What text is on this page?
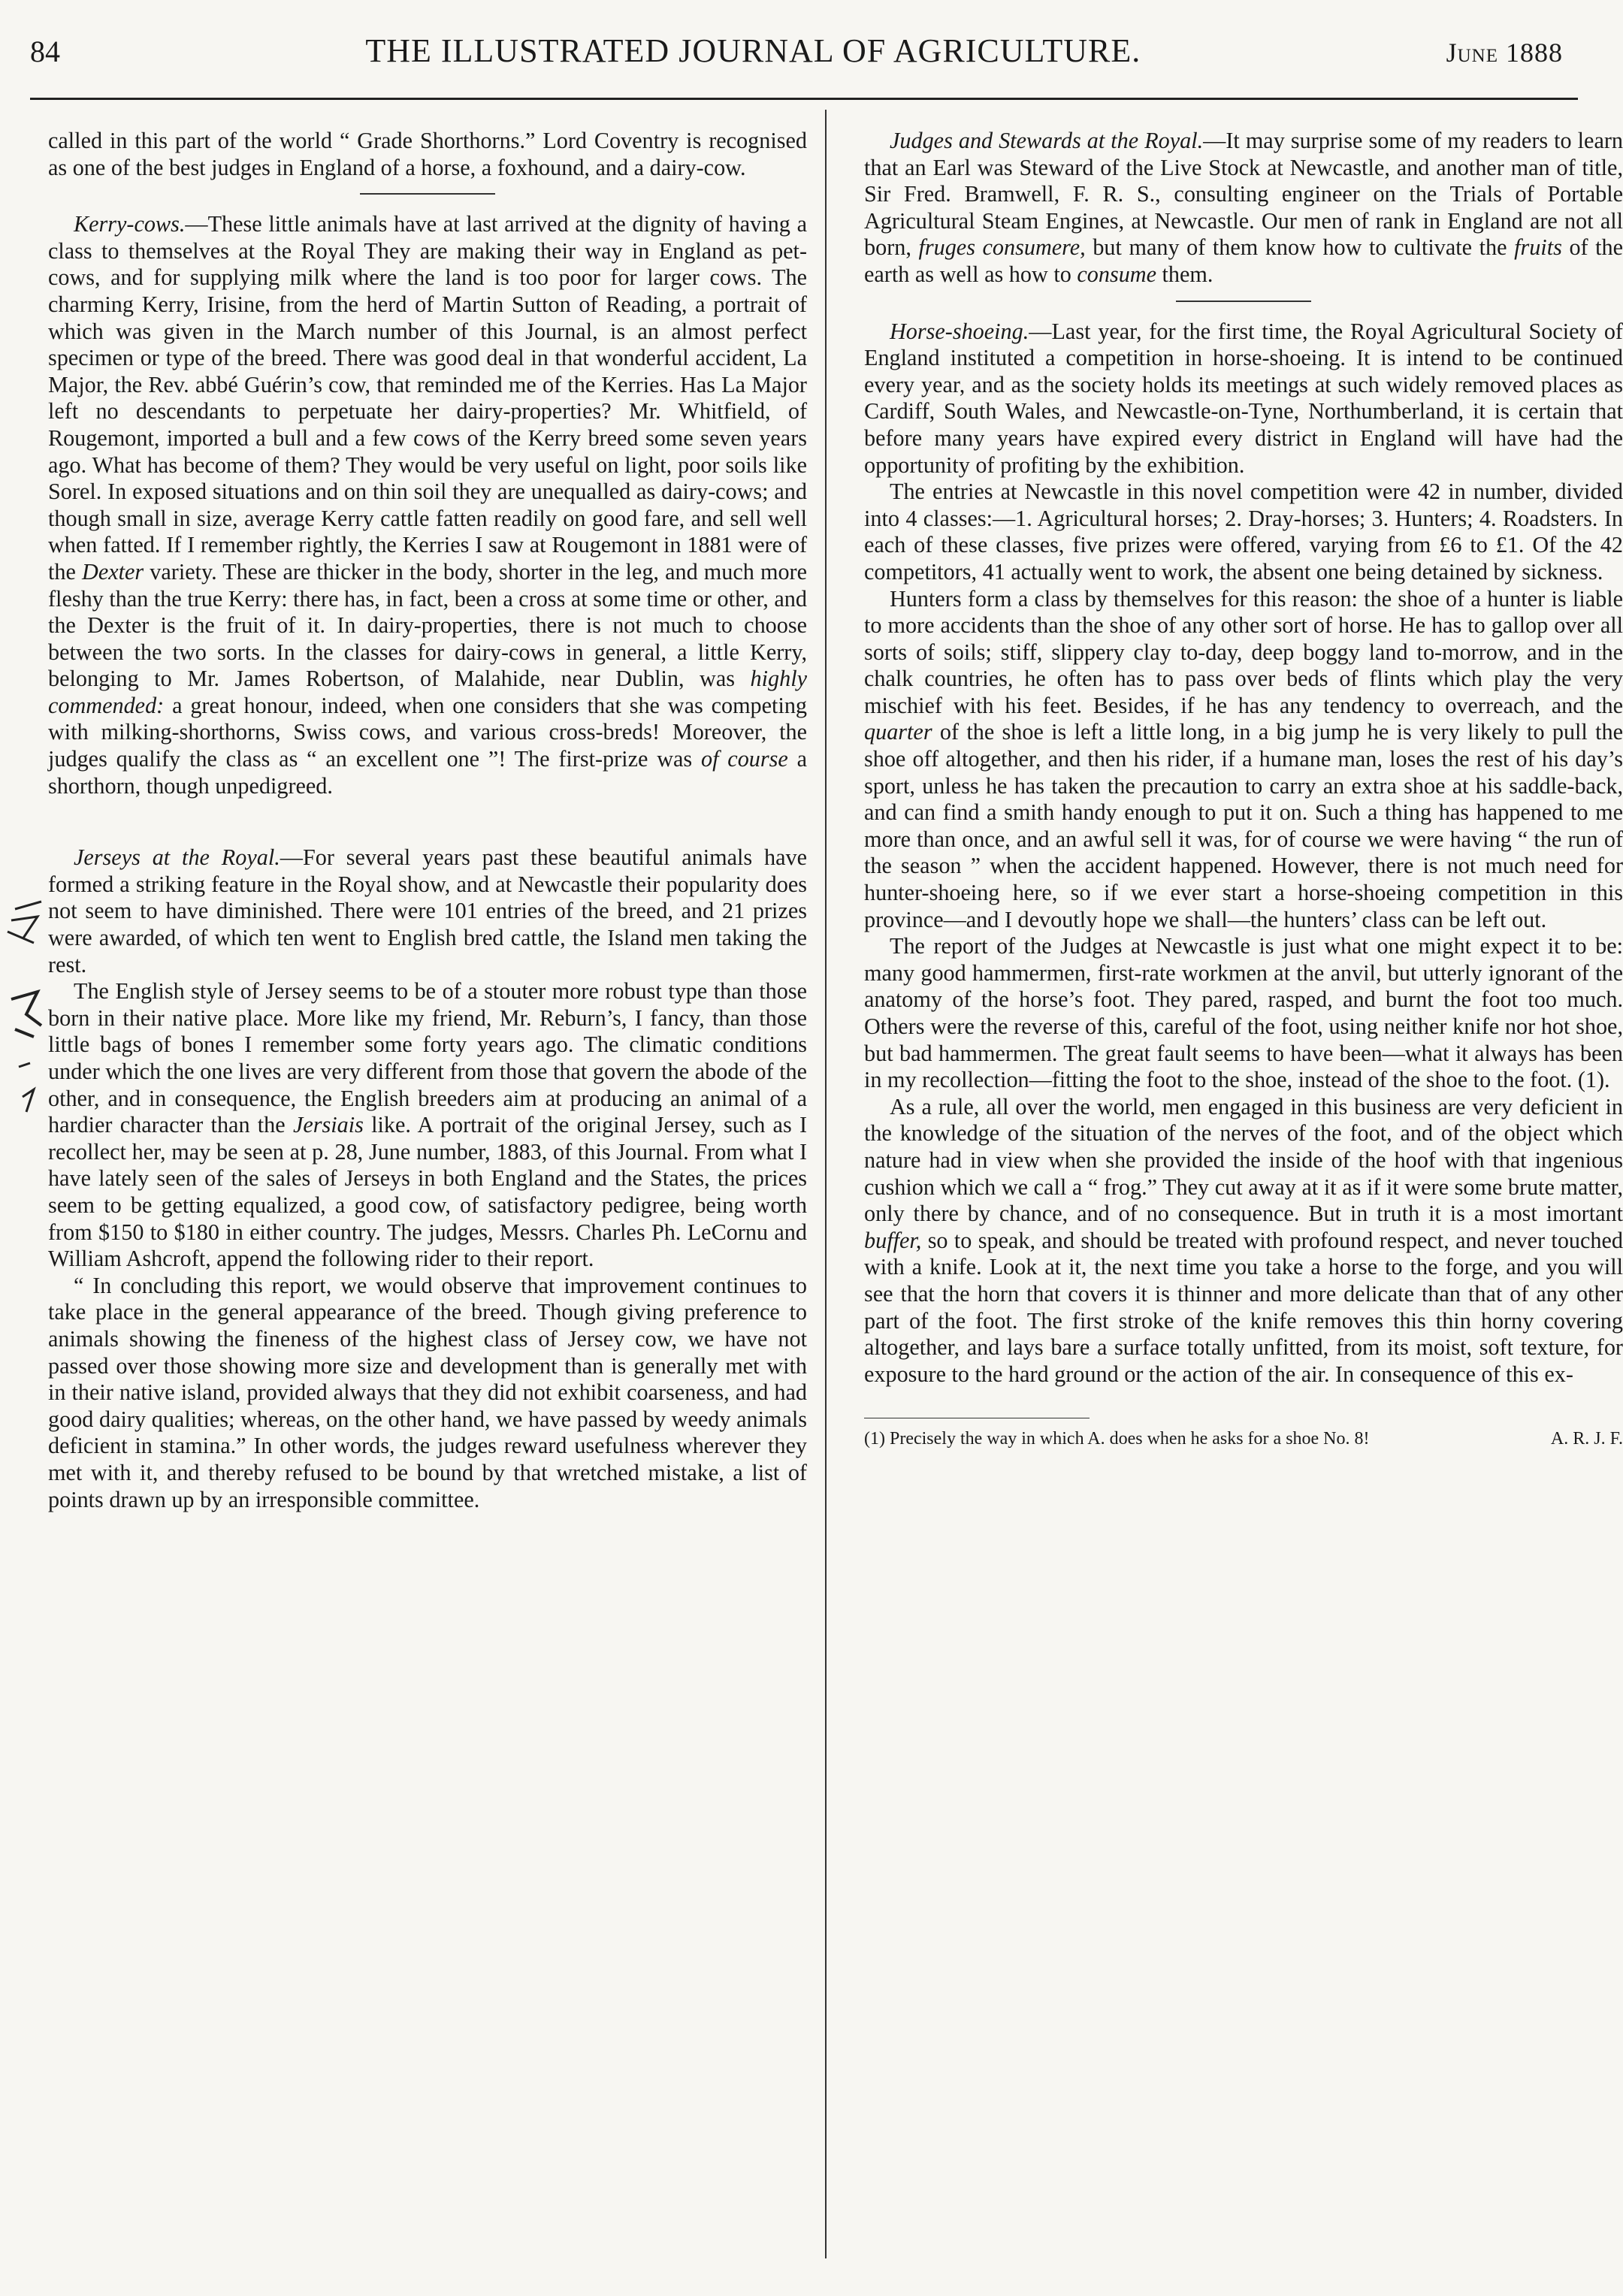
84	THE ILLUSTRATED JOURNAL OF AGRICULTURE.	June 1888

called in this part of the world “ Grade Shorthorns.” Lord Coventry is recognised as one of the best judges in England of a horse, a foxhound, and a dairy-cow.

Kerry-cows.—These little animals have at last arrived at the dignity of having a class to themselves at the Royal They are making their way in England as pet-cows, and for supplying milk where the land is too poor for larger cows. The charming Kerry, Irisine, from the herd of Martin Sutton of Reading, a portrait of which was given in the March number of this Journal, is an almost perfect specimen or type of the breed. There was good deal in that wonderful accident, La Major, the Rev. abbé Guérin’s cow, that reminded me of the Kerries. Has La Major left no descendants to perpetuate her dairy-properties? Mr. Whitfield, of Rougemont, imported a bull and a few cows of the Kerry breed some seven years ago. What has become of them? They would be very useful on light, poor soils like Sorel. In exposed situations and on thin soil they are unequalled as dairy-cows; and though small in size, average Kerry cattle fatten readily on good fare, and sell well when fatted. If I remember rightly, the Kerries I saw at Rougemont in 1881 were of the Dexter variety. These are thicker in the body, shorter in the leg, and much more fleshy than the true Kerry: there has, in fact, been a cross at some time or other, and the Dexter is the fruit of it. In dairy-properties, there is not much to choose between the two sorts. In the classes for dairy-cows in general, a little Kerry, belonging to Mr. James Robertson, of Malahide, near Dublin, was highly commended: a great honour, indeed, when one considers that she was competing with milking-shorthorns, Swiss cows, and various cross-breds! Moreover, the judges qualify the class as “ an excellent one ”! The first-prize was of course a shorthorn, though unpedigreed.

Jerseys at the Royal.—For several years past these beautiful animals have formed a striking feature in the Royal show, and at Newcastle their popularity does not seem to have diminished. There were 101 entries of the breed, and 21 prizes were awarded, of which ten went to English bred cattle, the Island men taking the rest.

The English style of Jersey seems to be of a stouter more robust type than those born in their native place. More like my friend, Mr. Reburn’s, I fancy, than those little bags of bones I remember some forty years ago. The climatic conditions under which the one lives are very different from those that govern the abode of the other, and in consequence, the English breeders aim at producing an animal of a hardier character than the Jersiais like. A portrait of the original Jersey, such as I recollect her, may be seen at p. 28, June number, 1883, of this Journal. From what I have lately seen of the sales of Jerseys in both England and the States, the prices seem to be getting equalized, a good cow, of satisfactory pedigree, being worth from $150 to $180 in either country. The judges, Messrs. Charles Ph. LeCornu and William Ashcroft, append the following rider to their report.

“ In concluding this report, we would observe that improvement continues to take place in the general appearance of the breed. Though giving preference to animals showing the fineness of the highest class of Jersey cow, we have not passed over those showing more size and development than is generally met with in their native island, provided always that they did not exhibit coarseness, and had good dairy qualities; whereas, on the other hand, we have passed by weedy animals deficient in stamina.” In other words, the judges reward usefulness wherever they met with it, and thereby refused to be bound by that wretched mistake, a list of points drawn up by an irresponsible committee.

Judges and Stewards at the Royal.—It may surprise some of my readers to learn that an Earl was Steward of the Live Stock at Newcastle, and another man of title, Sir Fred. Bramwell, F. R. S., consulting engineer on the Trials of Portable Agricultural Steam Engines, at Newcastle. Our men of rank in England are not all born, fruges consumere, but many of them know how to cultivate the fruits of the earth as well as how to consume them.

Horse-shoeing.—Last year, for the first time, the Royal Agricultural Society of England instituted a competition in horse-shoeing. It is intend to be continued every year, and as the society holds its meetings at such widely removed places as Cardiff, South Wales, and Newcastle-on-Tyne, Northumberland, it is certain that before many years have expired every district in England will have had the opportunity of profiting by the exhibition.

The entries at Newcastle in this novel competition were 42 in number, divided into 4 classes:—1. Agricultural horses; 2. Dray-horses; 3. Hunters; 4. Roadsters. In each of these classes, five prizes were offered, varying from £6 to £1. Of the 42 competitors, 41 actually went to work, the absent one being detained by sickness.

Hunters form a class by themselves for this reason: the shoe of a hunter is liable to more accidents than the shoe of any other sort of horse. He has to gallop over all sorts of soils; stiff, slippery clay to-day, deep boggy land to-morrow, and in the chalk countries, he often has to pass over beds of flints which play the very mischief with his feet. Besides, if he has any tendency to overreach, and the quarter of the shoe is left a little long, in a big jump he is very likely to pull the shoe off altogether, and then his rider, if a humane man, loses the rest of his day’s sport, unless he has taken the precaution to carry an extra shoe at his saddle-back, and can find a smith handy enough to put it on. Such a thing has happened to me more than once, and an awful sell it was, for of course we were having “ the run of the season ” when the accident happened. However, there is not much need for hunter-shoeing here, so if we ever start a horse-shoeing competition in this province—and I devoutly hope we shall—the hunters’ class can be left out.

The report of the Judges at Newcastle is just what one might expect it to be: many good hammermen, first-rate workmen at the anvil, but utterly ignorant of the anatomy of the horse’s foot. They pared, rasped, and burnt the foot too much. Others were the reverse of this, careful of the foot, using neither knife nor hot shoe, but bad hammermen. The great fault seems to have been—what it always has been in my recollection—fitting the foot to the shoe, instead of the shoe to the foot. (1).

As a rule, all over the world, men engaged in this business are very deficient in the knowledge of the situation of the nerves of the foot, and of the object which nature had in view when she provided the inside of the hoof with that ingenious cushion which we call a “ frog.” They cut away at it as if it were some brute matter, only there by chance, and of no consequence. But in truth it is a most imortant buffer, so to speak, and should be treated with profound respect, and never touched with a knife. Look at it, the next time you take a horse to the forge, and you will see that the horn that covers it is thinner and more delicate than that of any other part of the foot. The first stroke of the knife removes this thin horny covering altogether, and lays bare a surface totally unfitted, from its moist, soft texture, for exposure to the hard ground or the action of the air. In consequence of this ex-

(1) Precisely the way in which A. does when he asks for a shoe No. 8!	A. R. J. F.
